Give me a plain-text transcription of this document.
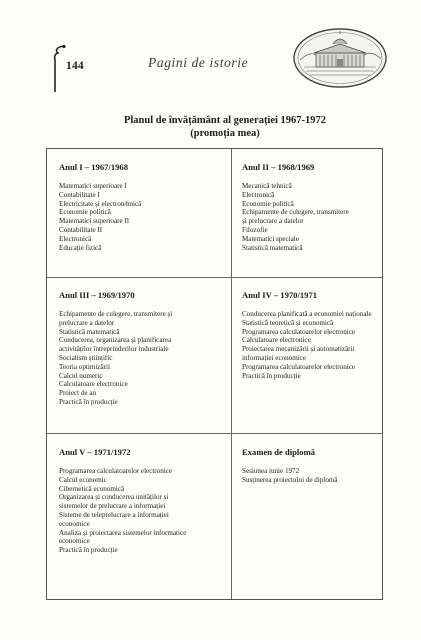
144	Pagini de istorie
Planul de învățământ al generației 1967-1972
(promoția mea)
Anul I – 1967/1968
Matematici superioare I
Contabilitate I
Electricitate și electrotehnică
Economie politică
Matematici superioare II
Contabilitate II
Electronică
Educație fizică
Anul II – 1968/1969
Mecanică tehnică
Electronică
Economie politică
Echipamente de culegere, transmitere
și prelucrare a datelor
Filozofie
Matematici speciale
Statistică matematică
Anul III – 1969/1970
Echipamente de culegere, transmitere și
prelucrare a datelor
Statistică matematică
Conducerea, organizarea și planificarea
activităților întreprinderilor industriale
Socialism științific
Teoria optimizării
Calcul numeric
Calculatoare electronice
Proiect de an
Practică în producție
Anul IV – 1970/1971
Conducerea planificată a economiei naționale
Statistică teoretică și economică
Programarea calculatoarelor electronice
Calculatoare electronice
Proiectarea mecanizării și automatizării
informației economice
Programarea calculatoarelor electronice
Practică în producție
Anul V – 1971/1972
Programarea calculatoarelor electronice
Calcul economic
Cibernetică economică
Organizarea și conducerea unităților și
sistemelor de prelucrare a informației
Sisteme de teleprelucrare a informației
economice
Analiza și proiectarea sistemelor informatice
economice
Practică în producție
Examen de diplomă
Sesiunea iunie 1972
Susținerea proiectului de diplomă
